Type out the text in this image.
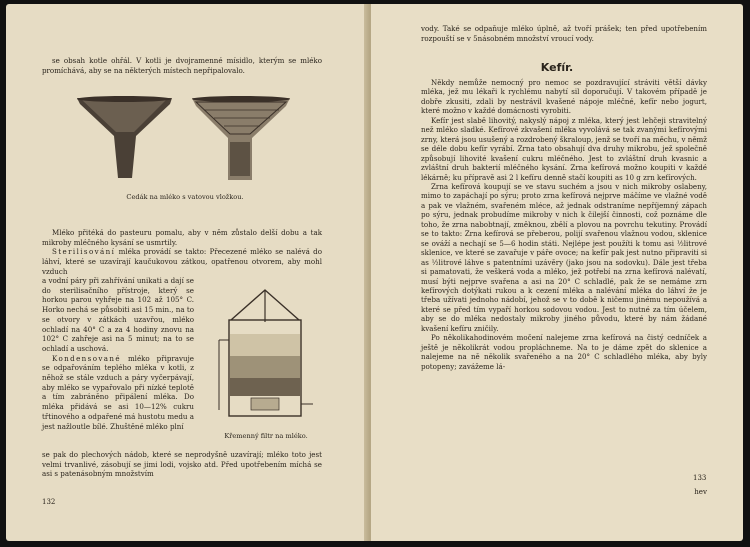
se obsah kotle ohřál. V kotli je dvojramenné mísidlo, kterým se mléko promíchává, aby se na některých místech nepřipalovalo.

Cedák na mléko s vatovou vložkou.

Mléko přitéká do pasteuru pomalu, aby v něm zůstalo delší dobu a tak mikroby mléčného kysání se usmrtily.

Sterilisování mléka provádí se takto: Přecezené mléko se nalévá do láhví, které se uzavírají kaučukovou zátkou, opatřenou otvorem, aby mohl vzduch

a vodní páry při zahřívání unikati a dají se do sterilisačního přístroje, který se horkou parou vyhřeje na 102 až 105° C. Horko nechá se působiti asi 15 min., na to se otvory v zátkách uzavřou, mléko ochladí na 40° C a za 4 hodiny znovu na 102° C zahřeje asi na 5 minut; na to se ochladí a uschová.

Kondensované mléko připravuje se odpařováním teplého mléka v kotli, z něhož se stále vzduch a páry vyčerpávají, aby mléko se vypařovalo při nízké teplotě a tím zabráněno připálení mléka. Do mléka přidává se asi 10—12% cukru třtinového a odpařené má hustotu medu a jest nažloutle bílé. Zhuštěné mléko plní

Křemenný filtr na mléko.

se pak do plechových nádob, které se neprodyšně uzavírají; mléko toto jest velmi trvanlivé, zásobují se jimi lodi, vojsko atd. Před upotřebením míchá se asi s patenásobným množstvím

132

vody. Také se odpaňuje mléko úplně, až tvoří prášek; ten před upotřebením rozpouští se v 5násobném množství vroucí vody.

Kefír.

Někdy nemůže nemocný pro nemoc se pozdravující stráviti větší dávky mléka, jež mu lékaři k rychlému nabytí sil doporučují. V takovém případě je dobře zkusiti, zdali by nestrávil kvašené nápoje mléčné, kefír nebo jogurt, které možno v každé domácnosti vyrobiti.

Kefír jest slabě lihovitý, nakyslý nápoj z mléka, který jest lehčeji stravitelný než mléko sladké. Kefírové zkvašení mléka vyvolává se tak zvanými kefírovými zrny, která jsou usušený a rozdrobený škraloup, jenž se tvoří na měchu, v němž se déle dobu kefír vyrábí. Zrna tato obsahují dva druhy mikrobu, jež společně způsobují lihovité kvašení cukru mléčného. Jest to zvláštní druh kvasnic a zvláštní druh bakterií mléčného kysání. Zrna kefírová možno koupiti v každé lékárně; ku přípravě asi 2 l kefíru denně stačí koupiti as 10 g zrn kefírových.

Zrna kefírová koupují se ve stavu suchém a jsou v nich mikroby oslabeny, mimo to zapáchají po sýru; proto zrna kefírová nejprve máčíme ve vlažné vodě a pak ve vlažném, svařeném mléce, až jednak odstraníme nepříjemný zápach po sýru, jednak probudíme mikroby v nich k čilejší činnosti, což poznáme dle toho, že zrna nabobtnají, změknou, zbělí a plovou na povrchu tekutiny. Provádí se to takto: Zrna kefírová se přeberou, polijí svařenou vlažnou vodou, sklenice se ováží a nechají se 5—6 hodin státi. Nejlépe jest použíti k tomu asi ½litrové sklenice, ve které se zavařuje v páře ovoce; na kefír pak jest nutno připraviti si as ½litrové láhve s patentními uzávěry (jako jsou na sodovku). Dále jest třeba si pamatovati, že veškerá voda a mléko, jež potřebí na zrna kefírová nalévatí, musí býti nejprve svařena a asi na 20° C schladlé, pak že se nemáme zrn kefírových dotýkati rukou a k cezení mléka a nalévání mléka do láhví že je třeba užívati jednoho nádobí, jehož se v to době k ničemu jinému nepoužívá a které se před tím vypaří horkou sodovou vodou. Jest to nutné za tím účelem, aby se do mléka nedostaly mikroby jiného původu, které by nám žádané kvašení kefíru zničily.

Po několikahodinovém močení nalejeme zrna kefírová na čistý cedníček a ještě je několikrát vodou propláchneme. Na to je dáme zpět do sklenice a nalejeme na ně několik svařeného a na 20° C schladlého mléka, aby byly potopeny; zavážeme lá-

hev
133
